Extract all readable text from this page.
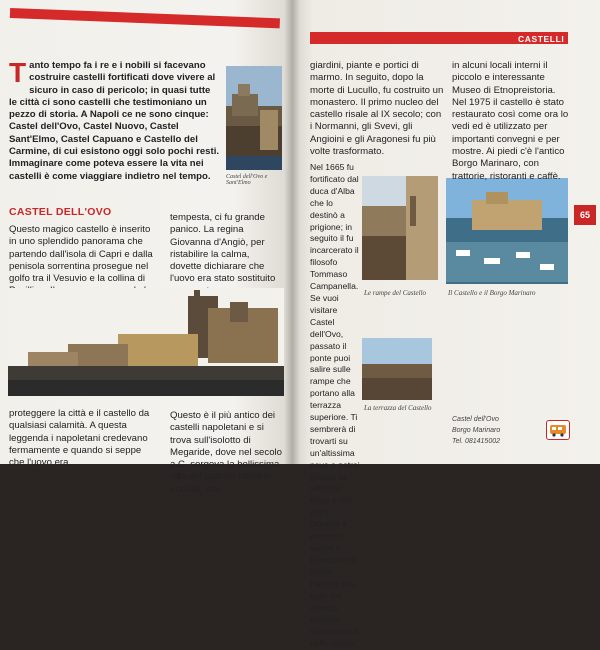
Tanto tempo fa i re e i nobili si facevano costruire castelli fortificati dove vivere al sicuro in caso di pericolo; in quasi tutte le città ci sono castelli che testimoniano un pezzo di storia. A Napoli ce ne sono cinque: Castel dell'Ovo, Castel Nuovo, Castel Sant'Elmo, Castel Capuano e Castello del Carmine, di cui esistono oggi solo pochi resti. Immaginare come poteva essere la vita nei castelli è come viaggiare indietro nel tempo.	Castel dell'Ovo e Sant'Elmo
CASTEL DELL'OVO

Questo magico castello è inserito in uno splendido panorama che partendo dall'isola di Capri e dalla penisola sorrentina prosegue nel golfo tra il Vesuvio e la collina di

tempesta, ci fu grande panico. La regina Giovanna d'Angiò, per ristabilire la calma, dovette dichiarare che l'uovo era stato sostituito

proteggere la città e il castello da qualsiasi calamità. A questa leggenda i napoletani credevano fermamente e quando si seppe che l'uovo era

Questo è il più antico dei castelli napoletani e si trova sull'isolotto di Megaride, dove nel secolo a.C. sorgeva la bellissima villa del patrizio romano Lucullo, con

CASTELLI
65

giardini, piante e portici di marmo. In seguito, dopo la morte di Lucullo, fu costruito un monastero. Il primo nucleo del castello risale al IX secolo; con i Normanni, gli Svevi, gli Angioini e gli Aragonesi fu più volte trasformato.

Nel 1665 fu fortificato dal duca d'Alba che lo destinò a prigione; in seguito il fu incarcerato il filosofo Tommaso Campanella. Se vuoi visitare Castel dell'Ovo, passato il ponte puoi salire sulle rampe che portano alla terrazza superiore. Ti sembrerà di trovarti su un'altissima nave e potrai godere la vista del mare e del golfo. Durante il percorso vedrai il Romitorio di Santa Patrizia e le celle dei monaci, scavate direttamente nella roccia;

Le rampe del Castello	Il Castello e il Borgo Marinaro
La terrazza del Castello

in alcuni locali interni il piccolo e interessante Museo di Etnopreistoria. Nel 1975 il castello è stato restaurato così come ora lo vedi ed è utilizzato per importanti convegni e per mostre. Ai piedi c'è l'antico Borgo Marinaro, con trattorie, ristoranti e caffè.

Castel dell'Ovo
Borgo Marinaro
Tel. 081415002
